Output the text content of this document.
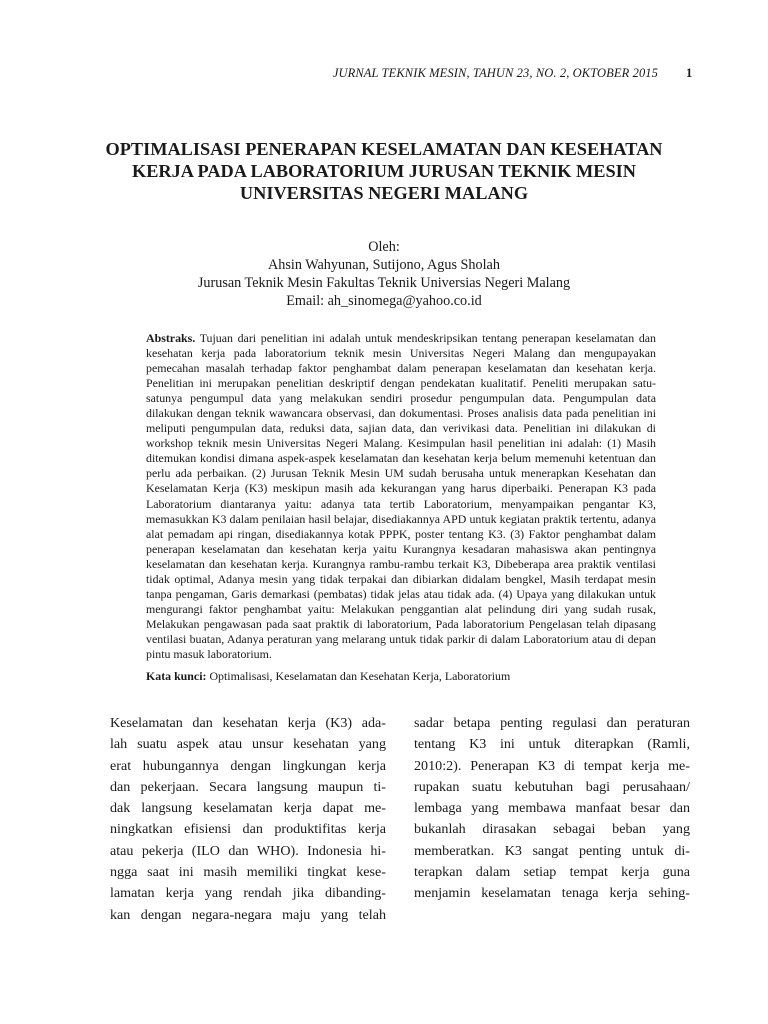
JURNAL TEKNIK MESIN, TAHUN 23, NO. 2, OKTOBER 2015 1
OPTIMALISASI PENERAPAN KESELAMATAN DAN KESEHATAN
KERJA PADA LABORATORIUM JURUSAN TEKNIK MESIN
UNIVERSITAS NEGERI MALANG
Oleh:
Ahsin Wahyunan, Sutijono, Agus Sholah
Jurusan Teknik Mesin Fakultas Teknik Universias Negeri Malang
Email: ah_sinomega@yahoo.co.id

Abstraks. Tujuan dari penelitian ini adalah untuk mendeskripsikan tentang penerapan keselamatan dan kesehatan kerja pada laboratorium teknik mesin Universitas Negeri Malang dan mengupayakan pemecahan masalah terhadap faktor penghambat dalam penerapan keselamatan dan kesehatan kerja. Penelitian ini merupakan penelitian deskriptif dengan pendekatan kualitatif. Peneliti merupakan satu-satunya pengumpul data yang melakukan sendiri prosedur pengumpulan data. Pengumpulan data dilakukan dengan teknik wawancara observasi, dan dokumentasi. Proses analisis data pada penelitian ini meliputi pengumpulan data, reduksi data, sajian data, dan verivikasi data. Penelitian ini dilakukan di workshop teknik mesin Universitas Negeri Malang. Kesimpulan hasil penelitian ini adalah: (1) Masih ditemukan kondisi dimana aspek-aspek keselamatan dan kesehatan kerja belum memenuhi ketentuan dan perlu ada perbaikan. (2) Jurusan Teknik Mesin UM sudah berusaha untuk menerapkan Kesehatan dan Keselamatan Kerja (K3) meskipun masih ada kekurangan yang harus diperbaiki. Penerapan K3 pada Laboratorium diantaranya yaitu: adanya tata tertib Laboratorium, menyampaikan pengantar K3, memasukkan K3 dalam penilaian hasil belajar, disediakannya APD untuk kegiatan praktik tertentu, adanya alat pemadam api ringan, disediakannya kotak PPPK, poster tentang K3. (3) Faktor penghambat dalam penerapan keselamatan dan kesehatan kerja yaitu Kurangnya kesadaran mahasiswa akan pentingnya keselamatan dan kesehatan kerja. Kurangnya rambu-rambu terkait K3, Dibeberapa area praktik ventilasi tidak optimal, Adanya mesin yang tidak terpakai dan dibiarkan didalam bengkel, Masih terdapat mesin tanpa pengaman, Garis demarkasi (pembatas) tidak jelas atau tidak ada. (4) Upaya yang dilakukan untuk mengurangi faktor penghambat yaitu: Melakukan penggantian alat pelindung diri yang sudah rusak, Melakukan pengawasan pada saat praktik di laboratorium, Pada laboratorium Pengelasan telah dipasang ventilasi buatan, Adanya peraturan yang melarang untuk tidak parkir di dalam Laboratorium atau di depan pintu masuk laboratorium.

Kata kunci: Optimalisasi, Keselamatan dan Kesehatan Kerja, Laboratorium

Keselamatan dan kesehatan kerja (K3) ada-
lah suatu aspek atau unsur kesehatan yang
erat hubungannya dengan lingkungan kerja
dan pekerjaan. Secara langsung maupun ti-
dak langsung keselamatan kerja dapat me-
ningkatkan efisiensi dan produktifitas kerja
atau pekerja (ILO dan WHO). Indonesia hi-
ngga saat ini masih memiliki tingkat kese-
lamatan kerja yang rendah jika dibanding-
kan dengan negara-negara maju yang telah
sadar betapa penting regulasi dan peraturan
tentang K3 ini untuk diterapkan (Ramli,
2010:2). Penerapan K3 di tempat kerja me-
rupakan suatu kebutuhan bagi perusahaan/
lembaga yang membawa manfaat besar dan
bukanlah dirasakan sebagai beban yang
memberatkan. K3 sangat penting untuk di-
terapkan dalam setiap tempat kerja guna
menjamin keselamatan tenaga kerja sehing-
